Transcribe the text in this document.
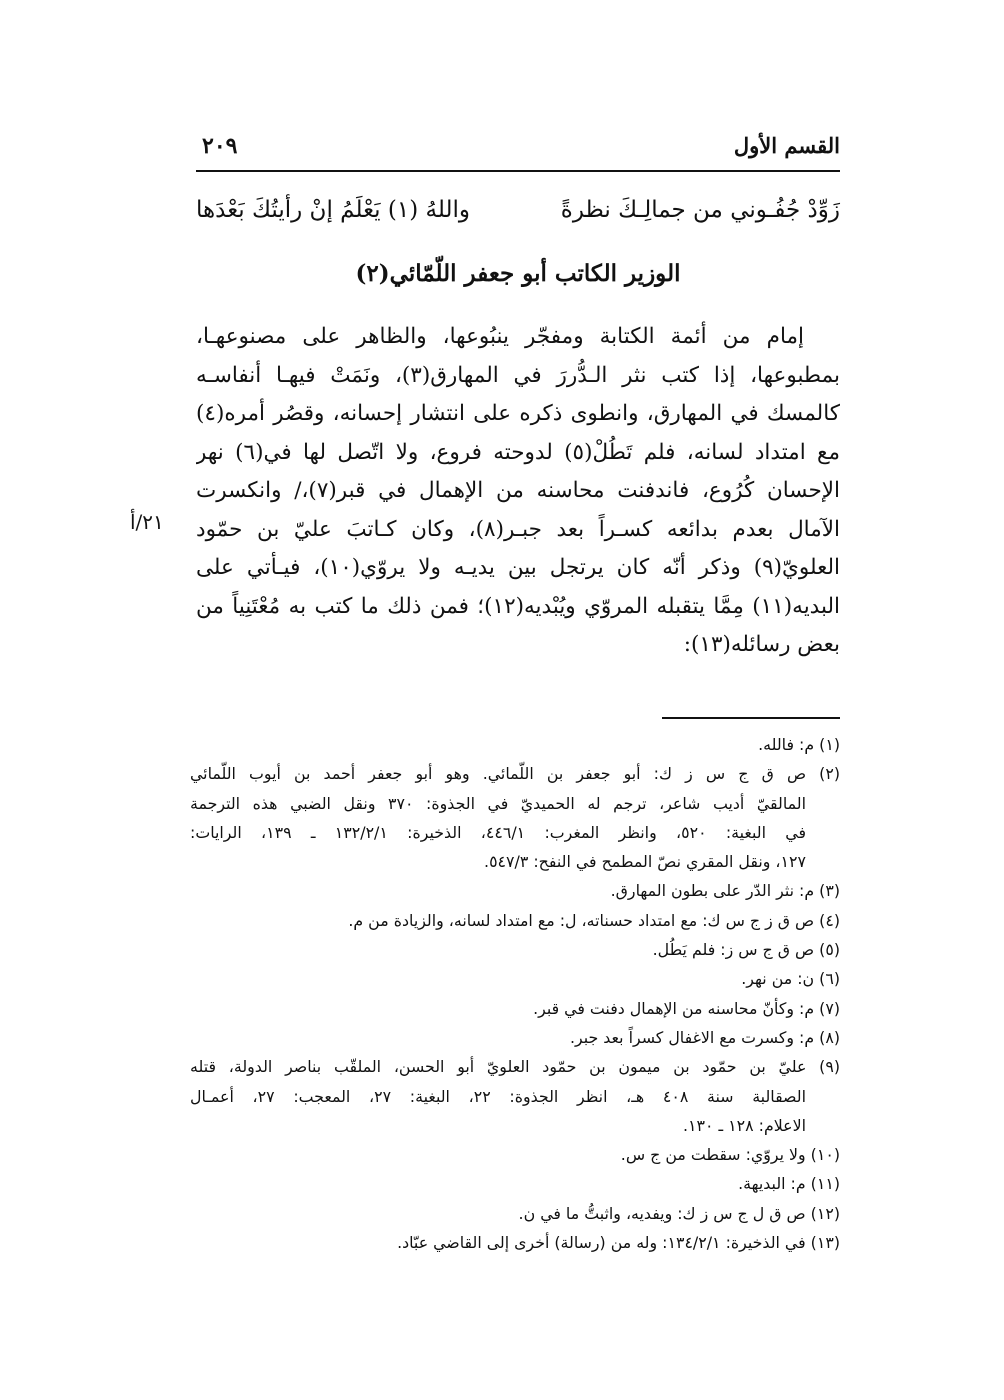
القسم الأول
٢٠٩
زَوِّدْ جُفُـوني من جمالِـكَ نظرةً
واللهُ (١) يَعْلَمُ إنْ رأيتُكَ بَعْدَها
الوزير الكاتب أبو جعفر اللّمّائي(٢)
إمام من أئمة الكتابة ومفجّر ينبُوعها، والظاهر على مصنوعهـا،
بمطبوعها، إذا كتب نثر الـدُّررَ في المهارق(٣)، ونَمَتْ فيهـا أنفاسـه
كالمسك في المهارق، وانطوى ذكره على انتشار إحسانه، وقصُر أمره(٤)
مع امتداد لسانه، فلم تَطُلْ(٥) لدوحته فروع، ولا اتّصل لها في(٦) نهر
الإحسان كُرُوع، فاندفنت محاسنه من الإهمال في قبر(٧)،/ وانكسرت
الآمال بعدم بدائعه كسـراً بعد جبـر(٨)، وكان كـاتبَ عليّ بن حمّود
العلويّ(٩) وذكر أنّه كان يرتجل بين يديـه ولا يروّي(١٠)، فيـأتي على
البديه(١١) مِمَّا يتقبله المروّي ويُبْديه(١٢)؛ فمن ذلك ما كتب به مُعْتَنِياً من
بعض رسائله(١٣):
٢١/أ
(١) م: فالله.
(٢) ص ق ج س ز ك: أبو جعفر بن اللّمائي. وهو أبو جعفر أحمد بن أيوب اللّمائي
المالقيّ أديب شاعر، ترجم له الحميديّ في الجذوة: ٣٧٠ ونقل الضبي هذه الترجمة
في البغية: ٥٢٠، وانظر المغرب: ٤٤٦/١، الذخيرة: ١٣٢/٢/١ ـ ١٣٩، الرايات:
١٢٧، ونقل المقري نصّ المطمح في النفح: ٥٤٧/٣.
(٣) م: نثر الدّر على بطون المهارق.
(٤) ص ق ز ج س ك: مع امتداد حسناته، ل: مع امتداد لسانه، والزيادة من م.
(٥) ص ق ج س ز: فلم يَطُل.
(٦) ن: من نهر.
(٧) م: وكأنّ محاسنه من الإهمال دفنت في قبر.
(٨) م: وكسرت مع الاغفال كسراً بعد جبر.
(٩) عليّ بن حمّود بن ميمون بن حمّود العلويّ أبو الحسن، الملقّب بناصر الدولة، قتله
الصقالبة سنة ٤٠٨ هـ، انظر الجذوة: ٢٢، البغية: ٢٧، المعجب: ٢٧، أعمـال
الاعلام: ١٢٨ ـ ١٣٠.
(١٠) ولا يروّي: سقطت من ج س.
(١١) م: البديهة.
(١٢) ص ق ل ج س ز ك: ويفديه، واثبتُّ ما في ن.
(١٣) في الذخيرة: ١٣٤/٢/١: وله من (رسالة) أخرى إلى القاضي عبّاد.
